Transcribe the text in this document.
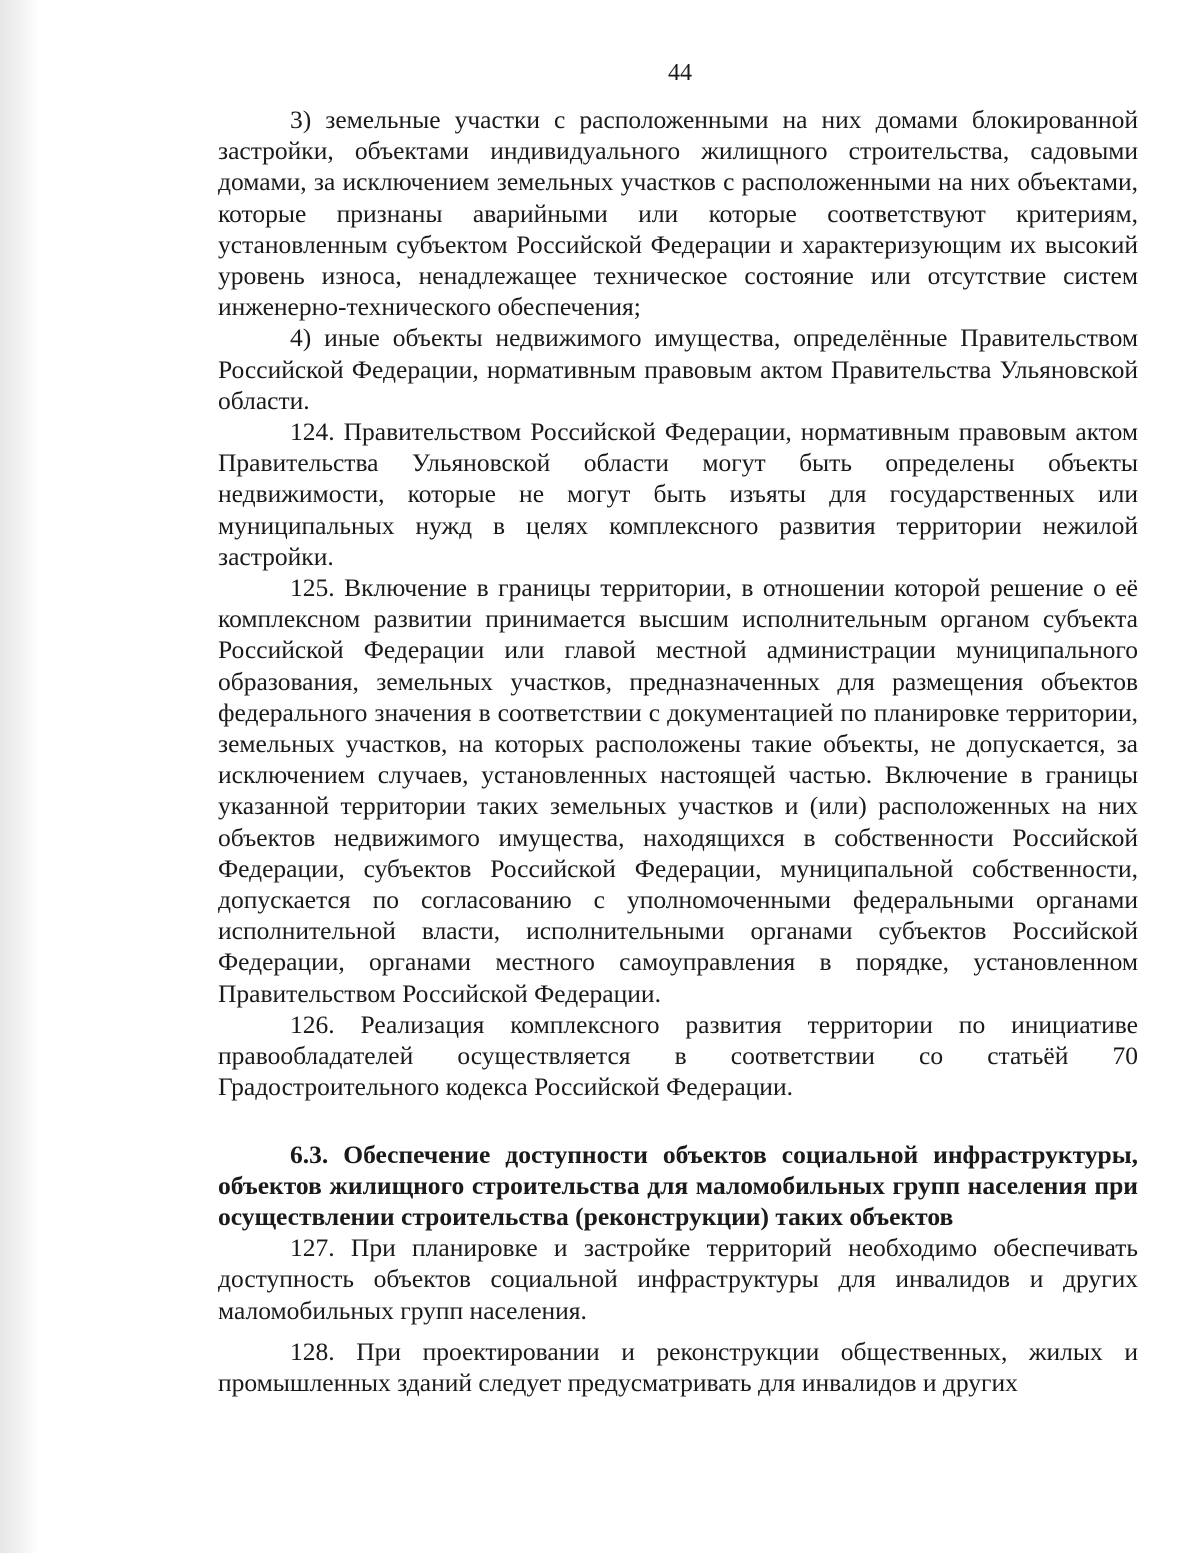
44

3) земельные участки с расположенными на них домами блокированной застройки, объектами индивидуального жилищного строительства, садовыми домами, за исключением земельных участков с расположенными на них объектами, которые признаны аварийными или которые соответствуют критериям, установленным субъектом Российской Федерации и характеризующим их высокий уровень износа, ненадлежащее техническое состояние или отсутствие систем инженерно-технического обеспечения;

4) иные объекты недвижимого имущества, определённые Правительством Российской Федерации, нормативным правовым актом Правительства Ульяновской области.

124. Правительством Российской Федерации, нормативным правовым актом Правительства Ульяновской области могут быть определены объекты недвижимости, которые не могут быть изъяты для государственных или муниципальных нужд в целях комплексного развития территории нежилой застройки.

125. Включение в границы территории, в отношении которой решение о её комплексном развитии принимается высшим исполнительным органом субъекта Российской Федерации или главой местной администрации муниципального образования, земельных участков, предназначенных для размещения объектов федерального значения в соответствии с документацией по планировке территории, земельных участков, на которых расположены такие объекты, не допускается, за исключением случаев, установленных настоящей частью. Включение в границы указанной территории таких земельных участков и (или) расположенных на них объектов недвижимого имущества, находящихся в собственности Российской Федерации, субъектов Российской Федерации, муниципальной собственности, допускается по согласованию с уполномоченными федеральными органами исполнительной власти, исполнительными органами субъектов Российской Федерации, органами местного самоуправления в порядке, установленном Правительством Российской Федерации.

126. Реализация комплексного развития территории по инициативе правообладателей осуществляется в соответствии со статьёй 70 Градостроительного кодекса Российской Федерации.

6.3. Обеспечение доступности объектов социальной инфраструктуры, объектов жилищного строительства для маломобильных групп населения при осуществлении строительства (реконструкции) таких объектов

127. При планировке и застройке территорий необходимо обеспечивать доступность объектов социальной инфраструктуры для инвалидов и других маломобильных групп населения.

128. При проектировании и реконструкции общественных, жилых и промышленных зданий следует предусматривать для инвалидов и других
